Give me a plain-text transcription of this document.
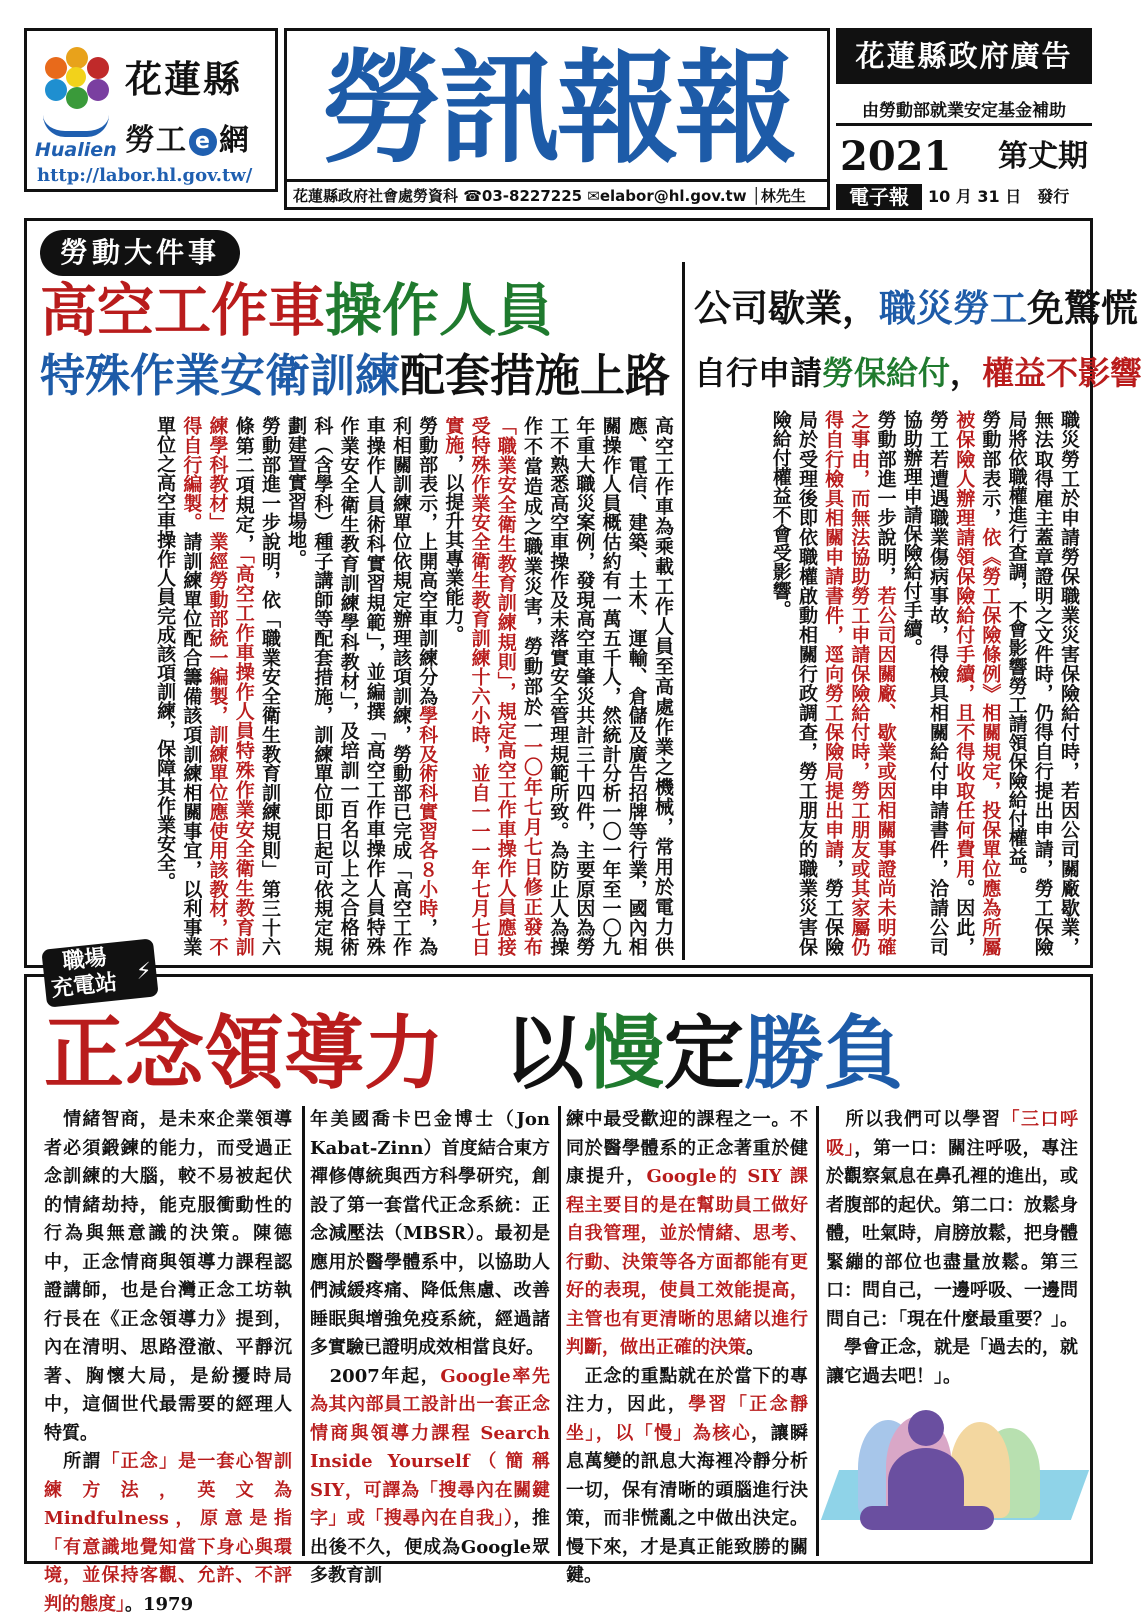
Hualien
花蓮縣
勞工 e 網
http://labor.hl.gov.tw/ 勞訊報報
花蓮縣政府社會處勞資科 ☎03-8227225 ✉elabor@hl.gov.tw │林先生
花蓮縣政府廣告
由勞動部就業安定基金補助
2021 第𠀋期
電子報	10 月 31 日　發行
勞動大件事
高空工作車操作人員
特殊作業安衛訓練配套措施上路
高空工作車為乘載工作人員至高處作業之機械，常用於電力供應、電信、建築、土木、運輸、倉儲及廣告招牌等行業，國內相關操作人員概估約有一萬五千人，然統計分析一〇一年至一〇九年重大職災案例，發現高空車肇災共計三十四件，主要原因為勞工不熟悉高空車操作及未落實安全管理規範所致。為防止人為操作不當造成之職業災害，勞動部於一一〇年七月七日修正發布「職業安全衛生教育訓練規則」，規定高空工作車操作人員應接受特殊作業安全衛生教育訓練十六小時，並自一一一年七月七日實施，以提升其專業能力。
勞動部表示，上開高空車訓練分為學科及術科實習各８小時，為利相關訓練單位依規定辦理該項訓練，勞動部已完成「高空工作車操作人員術科實習規範」，並編撰「高空工作車操作人員特殊作業安全衛生教育訓練學科教材」，及培訓一百名以上之合格術科（含學科）種子講師等配套措施，訓練單位即日起可依規定規劃建置實習場地。
勞動部進一步說明，依「職業安全衛生教育訓練規則」第三十六條第二項規定，「高空工作車操作人員特殊作業安全衛生教育訓練學科教材」業經勞動部統一編製，訓練單位應使用該教材，不得自行編製。請訓練單位配合籌備該項訓練相關事宜，以利事業單位之高空車操作人員完成該項訓練，保障其作業安全。
公司歇業，職災勞工免驚慌
自行申請勞保給付，權益不影響
職災勞工於申請勞保職業災害保險給付時，若因公司關廠歇業，無法取得雇主蓋章證明之文件時，仍得自行提出申請，勞工保險局將依職權進行查調，不會影響勞工請領保險給付權益。
勞動部表示，依《勞工保險條例》相關規定，投保單位應為所屬被保險人辦理請領保險給付手續，且不得收取任何費用。因此，勞工若遭遇職業傷病事故，得檢具相關給付申請書件，洽請公司協助辦理申請保險給付手續。
勞動部進一步說明，若公司因關廠、歇業或因相關事證尚未明確之事由，而無法協助勞工申請保險給付時，勞工朋友或其家屬仍得自行檢具相關申請書件，逕向勞工保險局提出申請，勞工保險局於受理後即依職權啟動相關行政調查，勞工朋友的職業災害保險給付權益不會受影響。
職場
充電站 ⚡
正念領導力 以慢定勝負
　情緒智商，是未來企業領導者必須鍛鍊的能力，而受過正念訓練的大腦，較不易被起伏的情緒劫持，能克服衝動性的行為與無意識的決策。陳德中，正念情商與領導力課程認證講師，也是台灣正念工坊執行長在《正念領導力》提到，內在清明、思路澄澈、平靜沉著、胸懷大局，是紛擾時局中，這個世代最需要的經理人特質。
　所謂「正念」是一套心智訓練方法，英文為 Mindfulness，原意是指「有意識地覺知當下身心與環境，並保持客觀、允許、不評判的態度」。1979
年美國喬卡巴金博士（Jon Kabat-Zinn）首度結合東方禪修傳統與西方科學研究，創設了第一套當代正念系統：正念減壓法（MBSR）。最初是應用於醫學體系中，以協助人們減緩疼痛、降低焦慮、改善睡眠與增強免疫系統，經過諸多實驗已證明成效相當良好。
　2007年起，Google率先為其內部員工設計出一套正念情商與領導力課程 Search Inside Yourself（簡稱SIY，可譯為「搜尋內在關鍵字」或「搜尋內在自我」），推出後不久，便成為Google眾多教育訓
練中最受歡迎的課程之一。不同於醫學體系的正念著重於健康提升，Google的 SIY 課程主要目的是在幫助員工做好自我管理，並於情緒、思考、行動、決策等各方面都能有更好的表現，使員工效能提高，主管也有更清晰的思緒以進行判斷，做出正確的決策。
　正念的重點就在於當下的專注力，因此，學習「正念靜坐」，以「慢」為核心，讓瞬息萬變的訊息大海裡冷靜分析一切，保有清晰的頭腦進行決策，而非慌亂之中做出決定。慢下來，才是真正能致勝的關鍵。
　所以我們可以學習「三口呼吸」，第一口：關注呼吸，專注於觀察氣息在鼻孔裡的進出，或者腹部的起伏。第二口：放鬆身體，吐氣時，肩膀放鬆，把身體緊繃的部位也盡量放鬆。第三口：問自己，一邊呼吸、一邊問問自己：「現在什麼最重要？」。
　學會正念，就是「過去的，就讓它過去吧！」。
